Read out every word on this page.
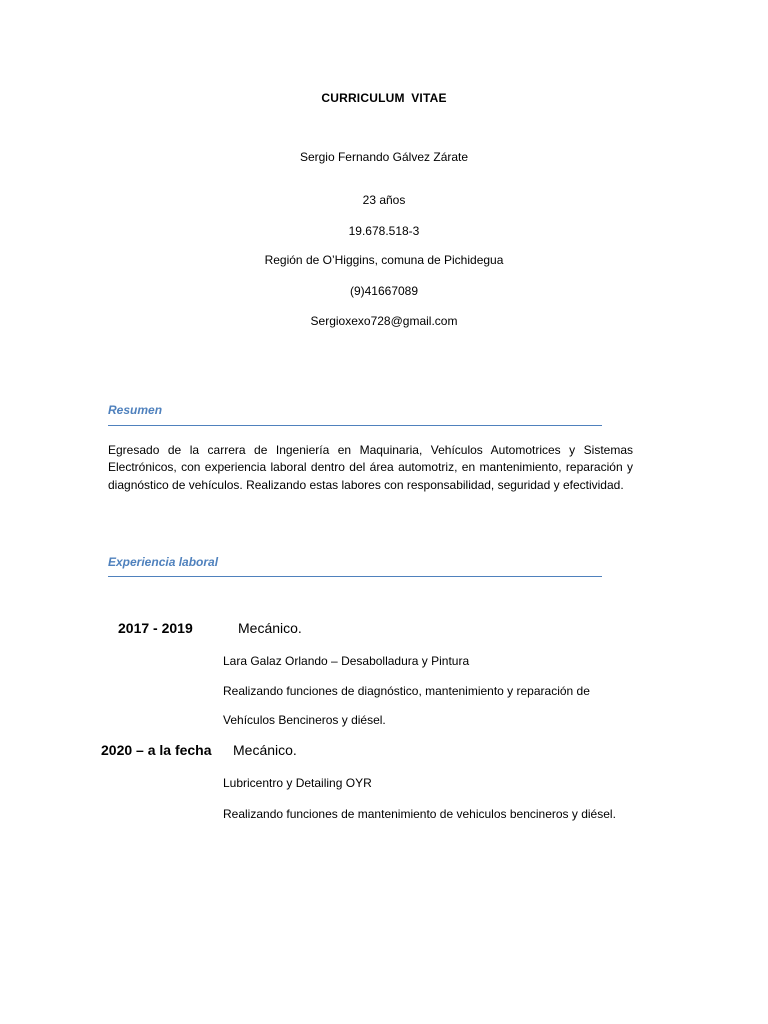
CURRICULUM VITAE
Sergio Fernando Gálvez Zárate
23 años
19.678.518-3
Región de O’Higgins, comuna de Pichidegua
(9)41667089
Sergioxexo728@gmail.com
Resumen

Egresado de la carrera de Ingeniería en Maquinaria, Vehículos Automotrices y Sistemas Electrónicos, con experiencia laboral dentro del área automotriz, en mantenimiento, reparación y diagnóstico de vehículos. Realizando estas labores con responsabilidad, seguridad y efectividad.

Experiencia laboral
2017 - 2019	Mecánico.
Lara Galaz Orlando – Desabolladura y Pintura
Realizando funciones de diagnóstico, mantenimiento y reparación de
Vehículos Bencineros y diésel.
2020 – a la fecha Mecánico.
Lubricentro y Detailing OYR
Realizando funciones de mantenimiento de vehiculos bencineros y diésel.
